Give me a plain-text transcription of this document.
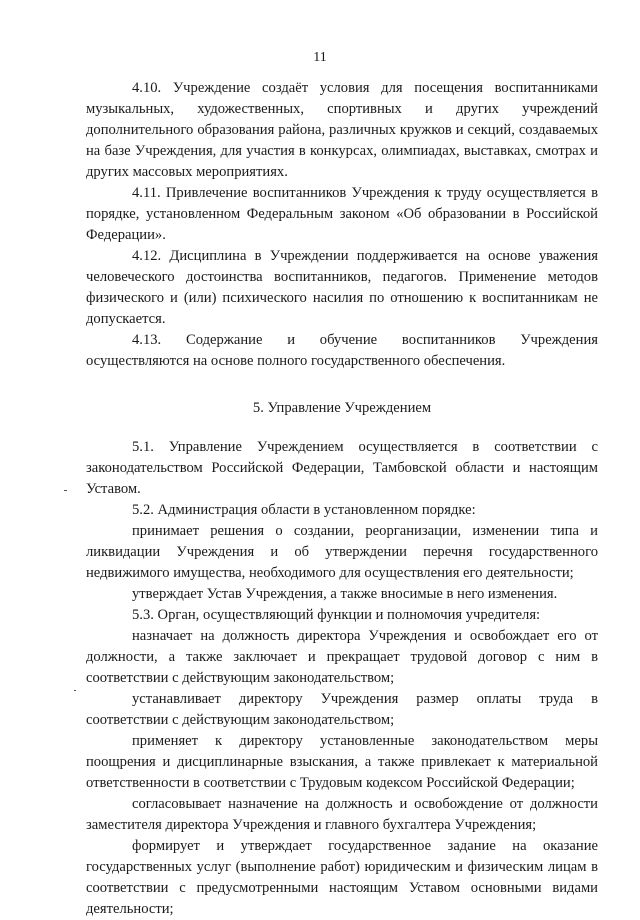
11

4.10. Учреждение создаёт условия для посещения воспитанниками музыкальных, художественных, спортивных и других учреждений дополнительного образования района, различных кружков и секций, создаваемых на базе Учреждения, для участия в конкурсах, олимпиадах, выставках, смотрах и других массовых мероприятиях.

4.11. Привлечение воспитанников Учреждения к труду осуществляется в порядке, установленном Федеральным законом «Об образовании в Российской Федерации».

4.12. Дисциплина в Учреждении поддерживается на основе уважения человеческого достоинства воспитанников, педагогов. Применение методов физического и (или) психического насилия по отношению к воспитанникам не допускается.

4.13. Содержание и обучение воспитанников Учреждения осуществляются на основе полного государственного обеспечения.

5. Управление Учреждением

5.1. Управление Учреждением осуществляется в соответствии с законодательством Российской Федерации, Тамбовской области и настоящим Уставом.

5.2. Администрация области в установленном порядке:

принимает решения о создании, реорганизации, изменении типа и ликвидации Учреждения и об утверждении перечня государственного недвижимого имущества, необходимого для осуществления его деятельности;

утверждает Устав Учреждения, а также вносимые в него изменения.

5.3. Орган, осуществляющий функции и полномочия учредителя:

назначает на должность директора Учреждения и освобождает его от должности, а также заключает и прекращает трудовой договор с ним в соответствии с действующим законодательством;

устанавливает директору Учреждения размер оплаты труда в соответствии с действующим законодательством;

применяет к директору установленные законодательством меры поощрения и дисциплинарные взыскания, а также привлекает к материальной ответственности в соответствии с Трудовым кодексом Российской Федерации;

согласовывает назначение на должность и освобождение от должности заместителя директора Учреждения и главного бухгалтера Учреждения;

формирует и утверждает государственное задание на оказание государственных услуг (выполнение работ) юридическим и физическим лицам в соответствии с предусмотренными настоящим Уставом основными видами деятельности;
